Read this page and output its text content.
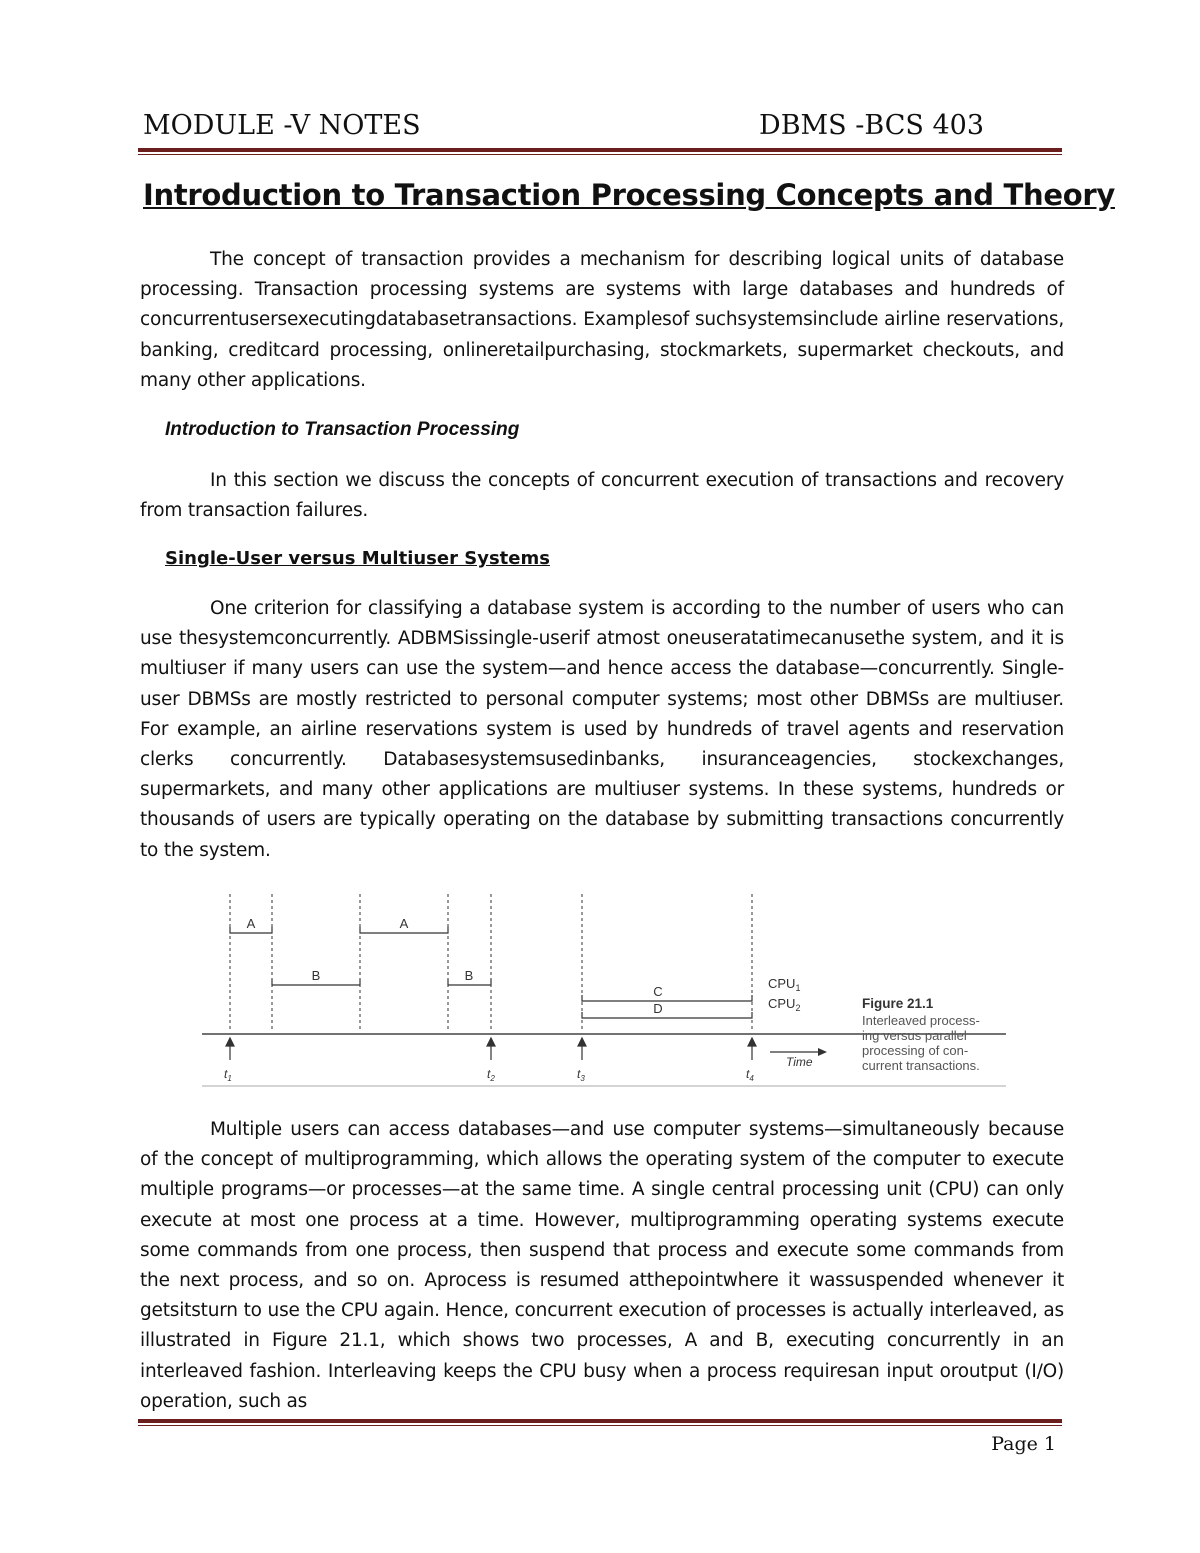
MODULE -V NOTES	DBMS -BCS 403
Introduction to Transaction Processing Concepts and Theory
The concept of transaction provides a mechanism for describing logical units of database processing. Transaction processing systems are systems with large databases and hundreds of concurrentusersexecutingdatabasetransactions. Examplesof suchsystemsinclude airline reservations, banking, creditcard processing, onlineretailpurchasing, stockmarkets, supermarket checkouts, and many other applications.
Introduction to Transaction Processing
In this section we discuss the concepts of concurrent execution of transactions and recovery from transaction failures.
Single-User versus Multiuser Systems
One criterion for classifying a database system is according to the number of users who can use thesystemconcurrently. ADBMSissingle-userif atmost oneuseratatimecanusethe system, and it is multiuser if many users can use the system—and hence access the database—concurrently. Single-user DBMSs are mostly restricted to personal computer systems; most other DBMSs are multiuser. For example, an airline reservations system is used by hundreds of travel agents and reservation clerks concurrently. Databasesystemsusedinbanks, insuranceagencies, stockexchanges, supermarkets, and many other applications are multiuser systems. In these systems, hundreds or thousands of users are typically operating on the database by submitting transactions concurrently to the system.
A
B
A
B
C
D
$CPU_1$
$CPU_2$
Time
$t_1$	$t_2$	$t_3$	$t_4$
Figure 21.1
Interleaved process-
ing versus parallel
processing of con-
current transactions.
Multiple users can access databases—and use computer systems—simultaneously because of the concept of multiprogramming, which allows the operating system of the computer to execute multiple programs—or processes—at the same time. A single central processing unit (CPU) can only execute at most one process at a time. However, multiprogramming operating systems execute some commands from one process, then suspend that process and execute some commands from the next process, and so on. Aprocess is resumed atthepointwhere it wassuspended whenever it getsitsturn to use the CPU again. Hence, concurrent execution of processes is actually interleaved, as illustrated in Figure 21.1, which shows two processes, A and B, executing concurrently in an interleaved fashion. Interleaving keeps the CPU busy when a process requiresan input oroutput (I/O) operation, such as
Page 1
